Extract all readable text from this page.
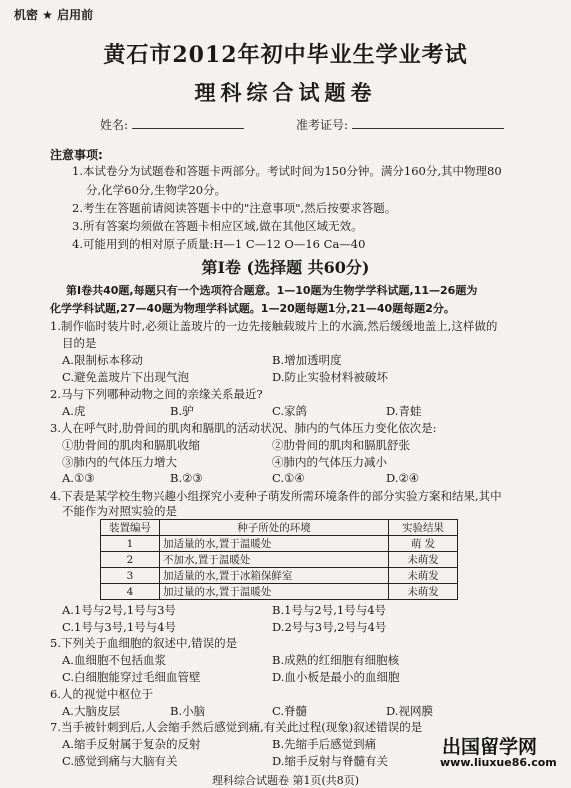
机密 ★ 启用前
黄石市2012年初中毕业生学业考试
理科综合试题卷
姓名:	准考证号:
注意事项:
1.本试卷分为试题卷和答题卡两部分。考试时间为150分钟。满分160分,其中物理80
分,化学60分,生物学20分。
2.考生在答题前请阅读答题卡中的"注意事项",然后按要求答题。
3.所有答案均须做在答题卡相应区域,做在其他区域无效。
4.可能用到的相对原子质量:H—1 C—12 O—16 Ca—40
第Ⅰ卷 (选择题 共60分)
第Ⅰ卷共40题,每题只有一个选项符合题意。1—10题为生物学学科试题,11—26题为
化学学科试题,27—40题为物理学科试题。1—20题每题1分,21—40题每题2分。
1.制作临时装片时,必须让盖玻片的一边先接触载玻片上的水滴,然后缓缓地盖上,这样做的
目的是
A.限制标本移动	B.增加透明度
C.避免盖玻片下出现气泡	D.防止实验材料被破坏
2.马与下列哪种动物之间的亲缘关系最近?
A.虎	B.驴	C.家鸽	D.青蛙
3.人在呼气时,肋骨间的肌肉和膈肌的活动状况、肺内的气体压力变化依次是:
①肋骨间的肌肉和膈肌收缩	②肋骨间的肌肉和膈肌舒张
③肺内的气体压力增大	④肺内的气体压力减小
A.①③	B.②③	C.①④	D.②④
4.下表是某学校生物兴趣小组探究小麦种子萌发所需环境条件的部分实验方案和结果,其中
不能作为对照实验的是
装置编号	种子所处的环境	实验结果
1	加适量的水,置于温暖处	萌 发
2	不加水,置于温暖处	未萌发
3	加适量的水,置于冰箱保鲜室	未萌发
4	加过量的水,置于温暖处	未萌发
A.1号与2号,1号与3号	B.1号与2号,1号与4号
C.1号与3号,1号与4号	D.2号与3号,2号与4号
5.下列关于血细胞的叙述中,错误的是
A.血细胞不包括血浆	B.成熟的红细胞有细胞核
C.白细胞能穿过毛细血管壁	D.血小板是最小的血细胞
6.人的视觉中枢位于
A.大脑皮层	B.小脑	C.脊髓	D.视网膜
7.当手被针刺到后,人会缩手然后感觉到痛,有关此过程(现象)叙述错误的是
A.缩手反射属于复杂的反射	B.先缩手后感觉到痛
C.感觉到痛与大脑有关	D.缩手反射与脊髓有关
理科综合试题卷 第1页(共8页)
出国留学网
www.liuxue86.com
